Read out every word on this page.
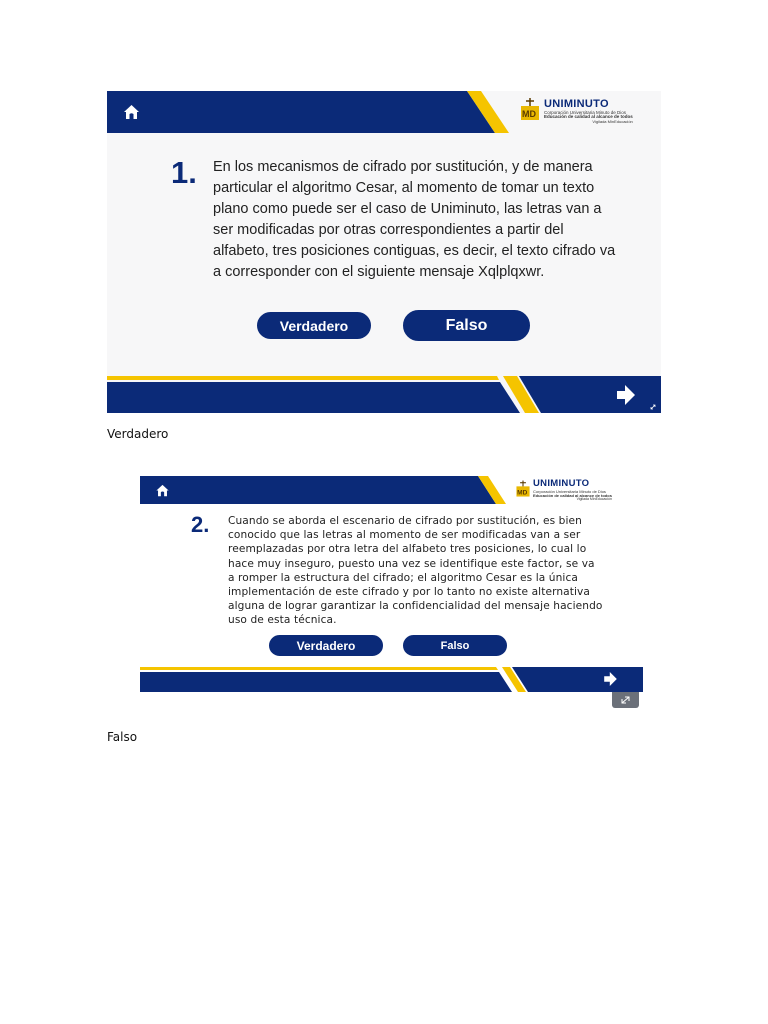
MD
UNIMINUTO
Corporación Universitaria Minuto de Dios
Educación de calidad al alcance de todos
Vigilada MinEducación
1. En los mecanismos de cifrado por sustitución, y de manera particular el algoritmo Cesar, al momento de tomar un texto plano como puede ser el caso de Uniminuto, las letras van a ser modificadas por otras correspondientes a partir del alfabeto, tres posiciones contiguas, es decir, el texto cifrado va a corresponder con el siguiente mensaje Xqlplqxwr.
Verdadero	Falso
Verdadero
MD
UNIMINUTO
Corporación Universitaria Minuto de Dios
Educación de calidad al alcance de todos
Vigilada MinEducación
2. Cuando se aborda el escenario de cifrado por sustitución, es bien conocido que las letras al momento de ser modificadas van a ser reemplazadas por otra letra del alfabeto tres posiciones, lo cual lo hace muy inseguro, puesto una vez se identifique este factor, se va a romper la estructura del cifrado; el algoritmo Cesar es la única implementación de este cifrado y por lo tanto no existe alternativa alguna de lograr garantizar la confidencialidad del mensaje haciendo uso de esta técnica.
Verdadero	Falso
Falso
